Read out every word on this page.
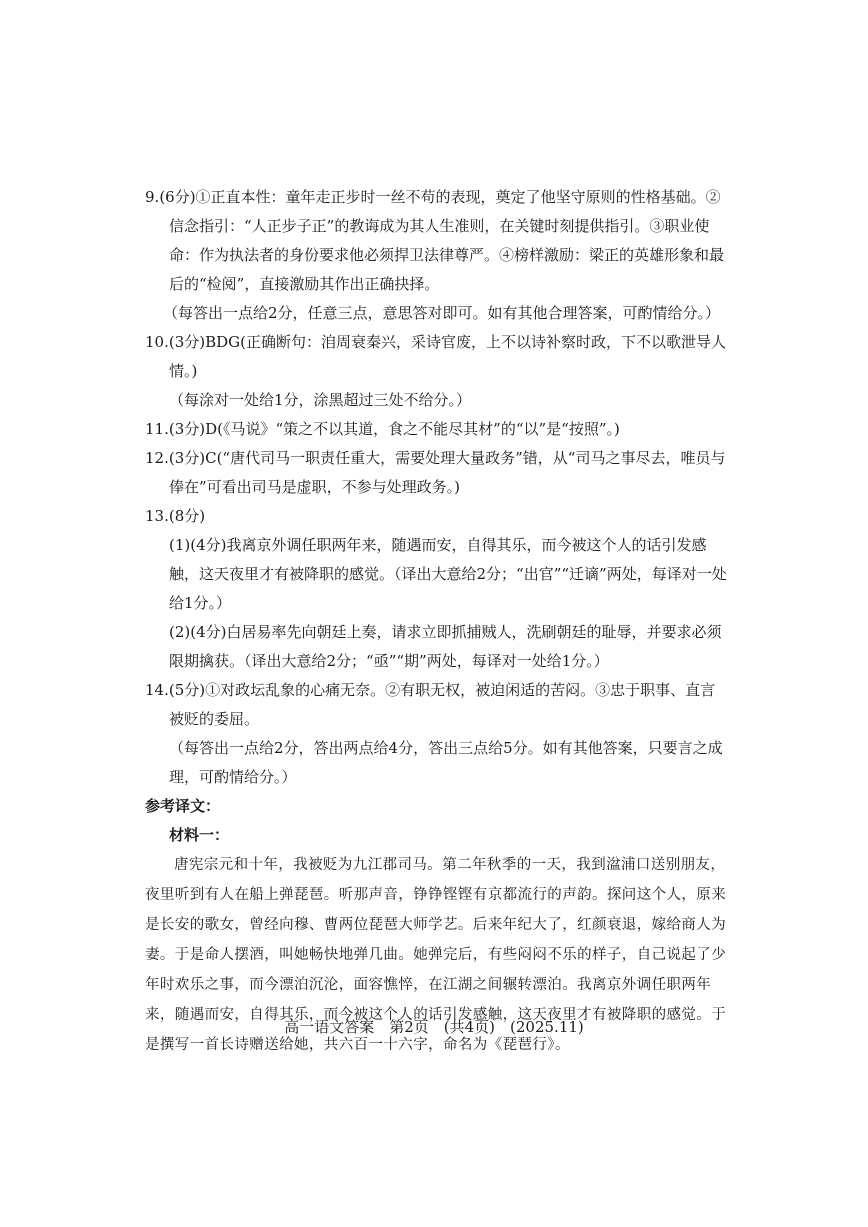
9.(6分)①正直本性：童年走正步时一丝不苟的表现，奠定了他坚守原则的性格基础。②信念指引：“人正步子正”的教诲成为其人生准则，在关键时刻提供指引。③职业使命：作为执法者的身份要求他必须捍卫法律尊严。④榜样激励：梁正的英雄形象和最后的“检阅”，直接激励其作出正确抉择。

（每答出一点给2分，任意三点，意思答对即可。如有其他合理答案，可酌情给分。）

10.(3分)BDG(正确断句：洎周衰秦兴，采诗官废，上不以诗补察时政，下不以歌泄导人情。)

（每涂对一处给1分，涂黑超过三处不给分。）

11.(3分)D(《马说》“策之不以其道，食之不能尽其材”的“以”是“按照”。)

12.(3分)C(“唐代司马一职责任重大，需要处理大量政务”错，从“司马之事尽去，唯员与俸在”可看出司马是虚职，不参与处理政务。)

13.(8分)

(1)(4分)我离京外调任职两年来，随遇而安，自得其乐，而今被这个人的话引发感触，这天夜里才有被降职的感觉。（译出大意给2分；“出官”“迁谪”两处，每译对一处给1分。）

(2)(4分)白居易率先向朝廷上奏，请求立即抓捕贼人，洗刷朝廷的耻辱，并要求必须限期擒获。（译出大意给2分；“亟”“期”两处，每译对一处给1分。）

14.(5分)①对政坛乱象的心痛无奈。②有职无权，被迫闲适的苦闷。③忠于职事、直言被贬的委屈。

（每答出一点给2分，答出两点给4分，答出三点给5分。如有其他答案，只要言之成理，可酌情给分。）

参考译文：

材料一：

唐宪宗元和十年，我被贬为九江郡司马。第二年秋季的一天，我到湓浦口送别朋友，夜里听到有人在船上弹琵琶。听那声音，铮铮铿铿有京都流行的声韵。探问这个人，原来是长安的歌女，曾经向穆、曹两位琵琶大师学艺。后来年纪大了，红颜衰退，嫁给商人为妻。于是命人摆酒，叫她畅快地弹几曲。她弹完后，有些闷闷不乐的样子，自己说起了少年时欢乐之事，而今漂泊沉沦，面容憔悴，在江湖之间辗转漂泊。我离京外调任职两年来，随遇而安，自得其乐，而今被这个人的话引发感触，这天夜里才有被降职的感觉。于是撰写一首长诗赠送给她，共六百一十六字，命名为《琵琶行》。

高一语文答案　第2页　(共4页)　(2025.11)
